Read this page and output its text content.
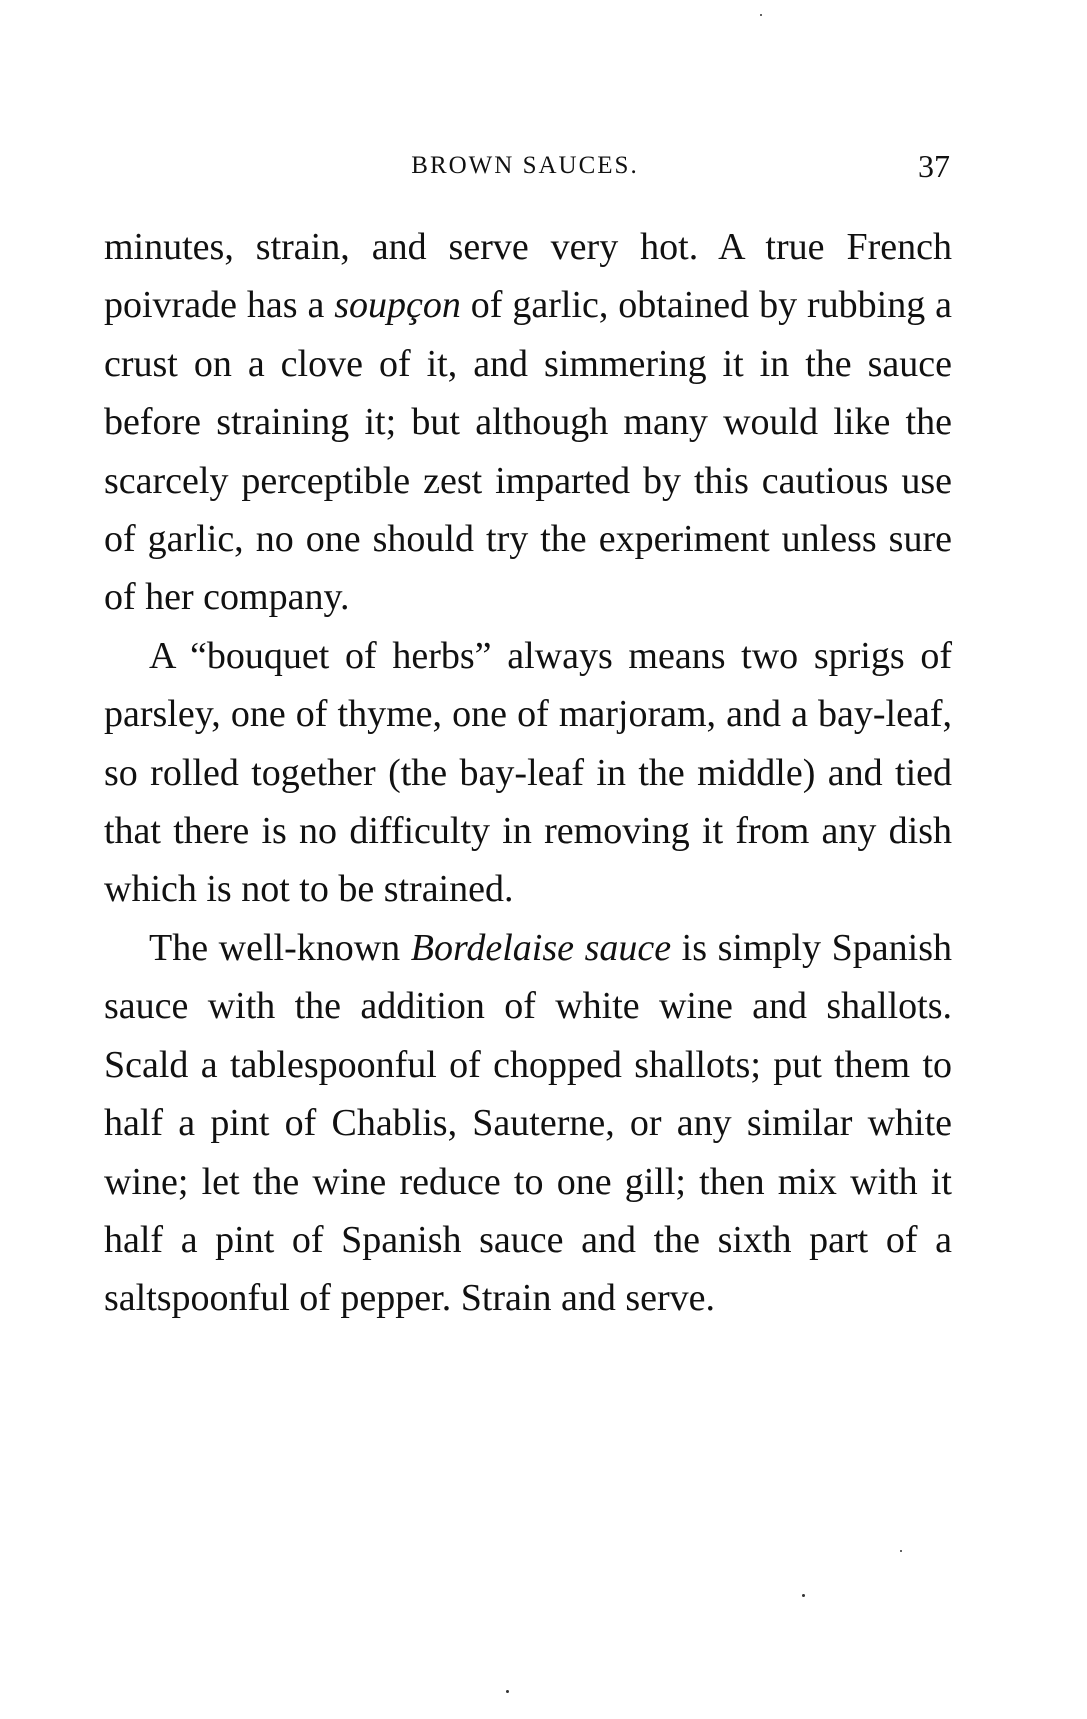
BROWN SAUCES.	37

minutes, strain, and serve very hot. A true French poivrade has a soupçon of garlic, obtained by rubbing a crust on a clove of it, and simmering it in the sauce before straining it; but although many would like the scarcely perceptible zest imparted by this cautious use of garlic, no one should try the experiment unless sure of her company.

A “bouquet of herbs” always means two sprigs of parsley, one of thyme, one of marjoram, and a bay-leaf, so rolled together (the bay-leaf in the middle) and tied that there is no difficulty in removing it from any dish which is not to be strained.

The well-known Bordelaise sauce is simply Spanish sauce with the addition of white wine and shallots. Scald a tablespoonful of chopped shallots; put them to half a pint of Chablis, Sauterne, or any similar white wine; let the wine reduce to one gill; then mix with it half a pint of Spanish sauce and the sixth part of a saltspoonful of pepper. Strain and serve.
